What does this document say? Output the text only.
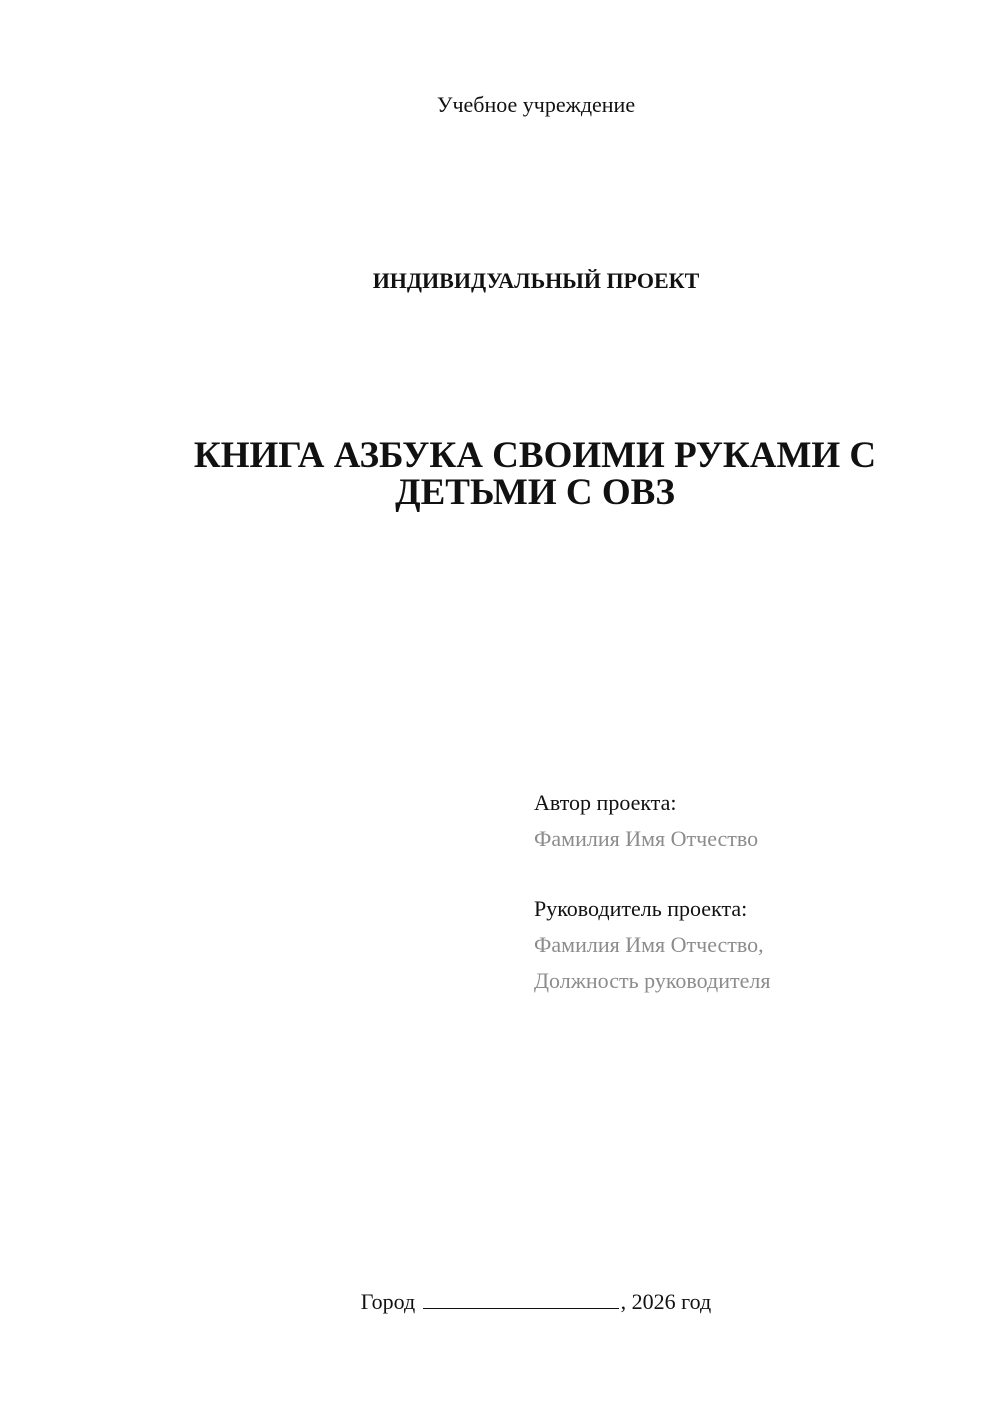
Учебное учреждение
ИНДИВИДУАЛЬНЫЙ ПРОЕКТ
КНИГА АЗБУКА СВОИМИ РУКАМИ С
ДЕТЬМИ С ОВЗ
Автор проекта:
Фамилия Имя Отчество
Руководитель проекта:
Фамилия Имя Отчество,
Должность руководителя
Город	, 2026 год
